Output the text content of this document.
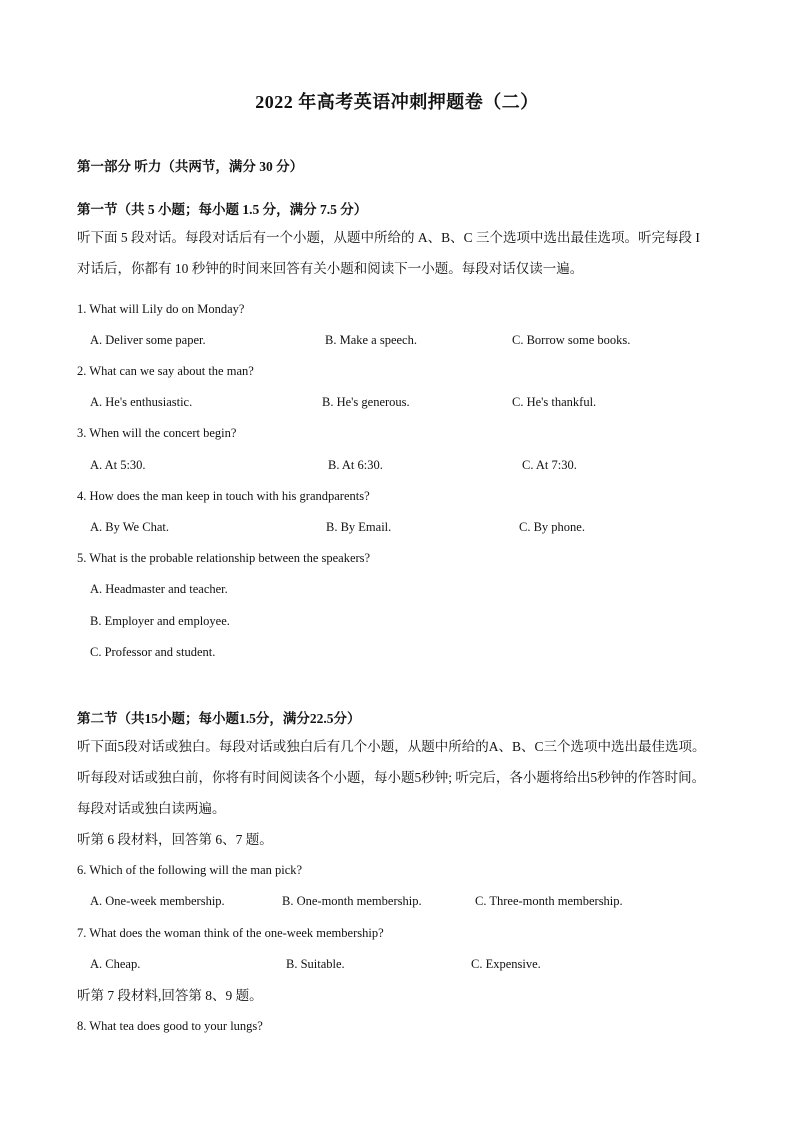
2022 年高考英语冲刺押题卷（二）
第一部分 听力（共两节，满分 30 分）
第一节（共 5 小题；每小题 1.5 分，满分 7.5 分）
听下面 5 段对话。每段对话后有一个小题，从题中所给的 A、B、C 三个选项中选出最佳选项。听完每段 I
对话后，你都有 10 秒钟的时间来回答有关小题和阅读下一小题。每段对话仅读一遍。
1. What will Lily do on Monday?
A. Deliver some paper.	B. Make a speech.	C. Borrow some books.
2. What can we say about the man?
A. He's enthusiastic.	B. He's generous.	C. He's thankful.
3. When will the concert begin?
A. At 5:30.	B. At 6:30.	C. At 7:30.
4. How does the man keep in touch with his grandparents?
A. By We Chat.	B. By Email.	C. By phone.
5. What is the probable relationship between the speakers?
A. Headmaster and teacher.
B. Employer and employee.
C. Professor and student.
第二节（共15小题；每小题1.5分，满分22.5分）
听下面5段对话或独白。每段对话或独白后有几个小题，从题中所给的A、B、C三个选项中选出最佳选项。
听每段对话或独白前，你将有时间阅读各个小题，每小题5秒钟; 听完后，各小题将给出5秒钟的作答时间。
每段对话或独白读两遍。
听第 6 段材料，回答第 6、7 题。
6. Which of the following will the man pick?
A. One-week membership.	B. One-month membership.	C. Three-month membership.
7. What does the woman think of the one-week membership?
A. Cheap.	B. Suitable.	C. Expensive.
听第 7 段材料,回答第 8、9 题。
8. What tea does good to your lungs?
